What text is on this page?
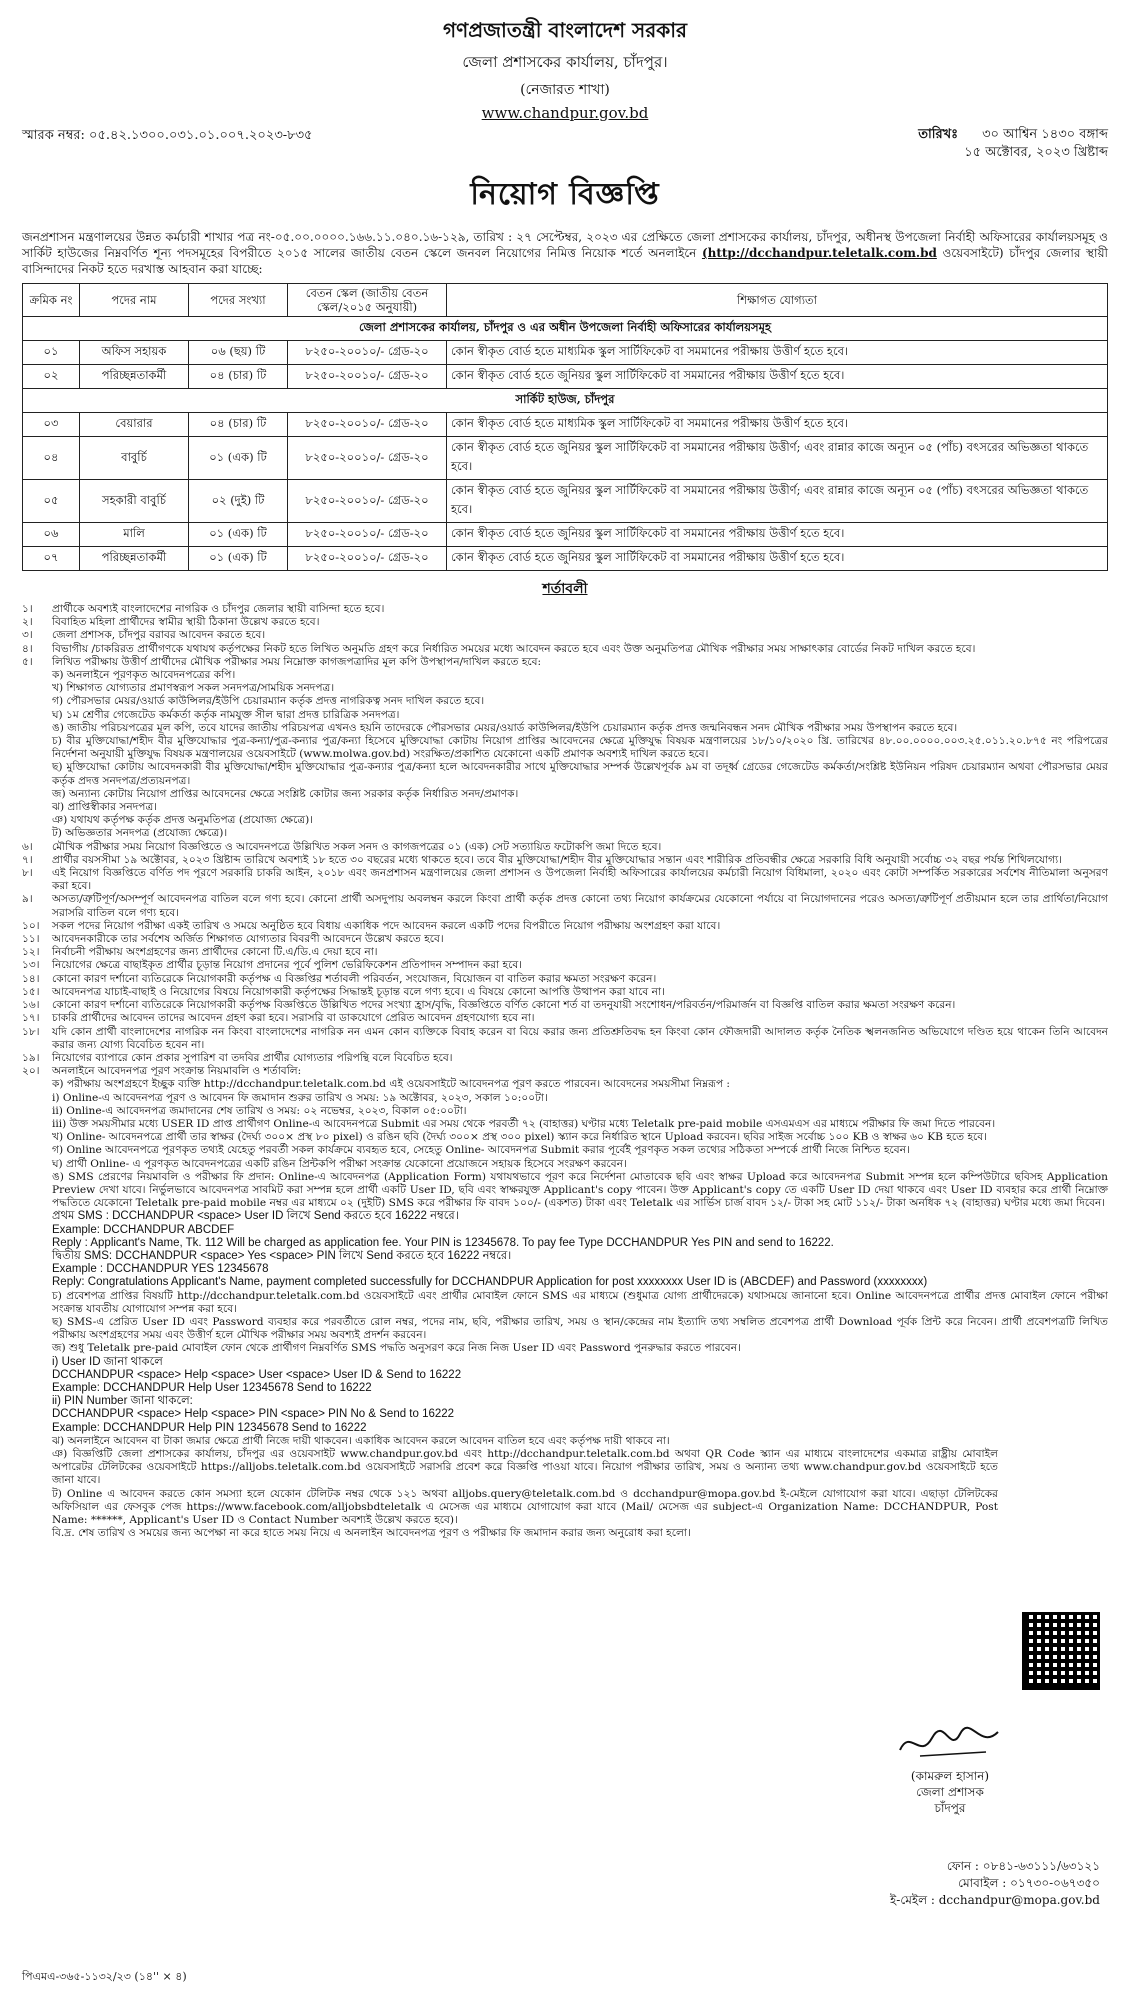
গণপ্রজাতন্ত্রী বাংলাদেশ সরকার
জেলা প্রশাসকের কার্যালয়, চাঁদপুর।
(নেজারত শাখা)
www.chandpur.gov.bd
স্মারক নম্বর: ০৫.৪২.১৩০০.০৩১.০১.০০৭.২০২৩-৮৩৫	তারিখঃ ৩০ আশ্বিন ১৪৩০ বঙ্গাব্দ
১৫ অক্টোবর, ২০২৩ খ্রিষ্টাব্দ
নিয়োগ বিজ্ঞপ্তি
জনপ্রশাসন মন্ত্রণালয়ের উন্নত কর্মচারী শাখার পত্র নং-০৫.০০.০০০০.১৬৬.১১.০৪০.১৬-১২৯, তারিখ : ২৭ সেপ্টেম্বর, ২০২৩ এর প্রেক্ষিতে জেলা প্রশাসকের কার্যালয়, চাঁদপুর, অধীনস্থ উপজেলা নির্বাহী অফিসারের কার্যালয়সমূহ ও সার্কিট হাউজের নিম্নবর্ণিত শূন্য পদসমূহের বিপরীতে ২০১৫ সালের জাতীয় বেতন স্কেলে জনবল নিয়োগের নিমিত্ত নিয়োক শর্তে অনলাইনে (http://dcchandpur.teletalk.com.bd ওয়েবসাইটে) চাঁদপুর জেলার স্থায়ী বাসিন্দাদের নিকট হতে দরখাস্ত আহবান করা যাচ্ছে:
ক্রমিক নং	পদের নাম	পদের সংখ্যা	বেতন স্কেল (জাতীয় বেতন স্কেল/২০১৫ অনুযায়ী)	শিক্ষাগত যোগ্যতা
জেলা প্রশাসকের কার্যালয়, চাঁদপুর ও এর অধীন উপজেলা নির্বাহী অফিসারের কার্যালয়সমূহ				
০১	অফিস সহায়ক	০৬ (ছয়) টি	৮২৫০-২০০১০/- গ্রেড-২০	কোন স্বীকৃত বোর্ড হতে মাধ্যমিক স্কুল সার্টিফিকেট বা সমমানের পরীক্ষায় উত্তীর্ণ হতে হবে।
০২	পরিচ্ছন্নতাকর্মী	০৪ (চার) টি	৮২৫০-২০০১০/- গ্রেড-২০	কোন স্বীকৃত বোর্ড হতে জুনিয়র স্কুল সার্টিফিকেট বা সমমানের পরীক্ষায় উত্তীর্ণ হতে হবে।
সার্কিট হাউজ, চাঁদপুর				
০৩	বেয়ারার	০৪ (চার) টি	৮২৫০-২০০১০/- গ্রেড-২০	কোন স্বীকৃত বোর্ড হতে মাধ্যমিক স্কুল সার্টিফিকেট বা সমমানের পরীক্ষায় উত্তীর্ণ হতে হবে।
০৪	বাবুর্চি	০১ (এক) টি	৮২৫০-২০০১০/- গ্রেড-২০	কোন স্বীকৃত বোর্ড হতে জুনিয়র স্কুল সার্টিফিকেট বা সমমানের পরীক্ষায় উত্তীর্ণ; এবং রান্নার কাজে অন্যূন ০৫ (পাঁচ) বৎসরের অভিজ্ঞতা থাকতে হবে।
০৫	সহকারী বাবুর্চি	০২ (দুই) টি	৮২৫০-২০০১০/- গ্রেড-২০	কোন স্বীকৃত বোর্ড হতে জুনিয়র স্কুল সার্টিফিকেট বা সমমানের পরীক্ষায় উত্তীর্ণ; এবং রান্নার কাজে অন্যূন ০৫ (পাঁচ) বৎসরের অভিজ্ঞতা থাকতে হবে।
০৬	মালি	০১ (এক) টি	৮২৫০-২০০১০/- গ্রেড-২০	কোন স্বীকৃত বোর্ড হতে জুনিয়র স্কুল সার্টিফিকেট বা সমমানের পরীক্ষায় উত্তীর্ণ হতে হবে।
০৭	পরিচ্ছন্নতাকর্মী	০১ (এক) টি	৮২৫০-২০০১০/- গ্রেড-২০	কোন স্বীকৃত বোর্ড হতে জুনিয়র স্কুল সার্টিফিকেট বা সমমানের পরীক্ষায় উত্তীর্ণ হতে হবে।
শর্তাবলী
১।	প্রার্থীকে অবশ্যই বাংলাদেশের নাগরিক ও চাঁদপুর জেলার স্থায়ী বাসিন্দা হতে হবে।
২।	বিবাহিত মহিলা প্রার্থীদের স্বামীর স্থায়ী ঠিকানা উল্লেখ করতে হবে।
৩।	জেলা প্রশাসক, চাঁদপুর বরাবর আবেদন করতে হবে।
৪।	বিভাগীয় /চাকরিরত প্রার্থীগণকে যথাযথ কর্তৃপক্ষের নিকট হতে লিখিত অনুমতি গ্রহণ করে নির্ধারিত সময়ের মধ্যে আবেদন করতে হবে এবং উক্ত অনুমতিপত্র মৌখিক পরীক্ষার সময় সাক্ষাৎকার বোর্ডের নিকট দাখিল করতে হবে।
৫।	লিখিত পরীক্ষায় উত্তীর্ণ প্রার্থীদের মৌখিক পরীক্ষার সময় নিম্নোক্ত কাগজপত্রাদির মূল কপি উপস্থাপন/দাখিল করতে হবে:
ক) অনলাইনে পূরণকৃত আবেদনপত্রের কপি।
খ) শিক্ষাগত যোগ্যতার প্রমাণস্বরূপ সকল সনদপত্র/সাময়িক সনদপত্র।
গ) পৌরসভার মেয়র/ওয়ার্ড কাউন্সিলর/ইউপি চেয়ারম্যান কর্তৃক প্রদত্ত নাগরিকত্ব সনদ দাখিল করতে হবে।
ঘ) ১ম শ্রেণীর গেজেটেড কর্মকর্তা কর্তৃক নামযুক্ত সীল দ্বারা প্রদত্ত চারিত্রিক সনদপত্র।
ঙ) জাতীয় পরিচয়পত্রের মূল কপি, তবে যাদের জাতীয় পরিচয়পত্র এখনও হয়নি তাদেরকে পৌরসভার মেয়র/ওয়ার্ড কাউন্সিলর/ইউপি চেয়ারম্যান কর্তৃক প্রদত্ত জন্মনিবন্ধন সনদ মৌখিক পরীক্ষার সময় উপস্থাপন করতে হবে।
চ) বীর মুক্তিযোদ্ধা/শহীদ বীর মুক্তিযোদ্ধার পুত্র-কন্যা/পুত্র-কন্যার পুত্র/কন্যা হিসেবে মুক্তিযোদ্ধা কোটায় নিয়োগ প্রাপ্তির আবেদনের ক্ষেত্রে মুক্তিযুদ্ধ বিষয়ক মন্ত্রণালয়ের ১৮/১০/২০২০ খ্রি. তারিখের ৪৮.০০.০০০০.০০৩.২৫.০১১.২০.৮৭৫ নং পরিপত্রের নির্দেশনা অনুযায়ী মুক্তিযুদ্ধ বিষয়ক মন্ত্রণালয়ের ওয়েবসাইটে (www.molwa.gov.bd) সংরক্ষিত/প্রকাশিত যেকোনো একটি প্রমাণক অবশ্যই দাখিল করতে হবে।
ছ) মুক্তিযোদ্ধা কোটায় আবেদনকারী বীর মুক্তিযোদ্ধা/শহীদ মুক্তিযোদ্ধার পুত্র-কন্যার পুত্র/কন্যা হলে আবেদনকারীর সাথে মুক্তিযোদ্ধার সম্পর্ক উল্লেখপূর্বক ৯ম বা তদূর্ধ্ব গ্রেডের গেজেটেড কর্মকর্তা/সংশ্লিষ্ট ইউনিয়ন পরিষদ চেয়ারম্যান অথবা পৌরসভার মেয়র কর্তৃক প্রদত্ত সনদপত্র/প্রত্যয়নপত্র।
জ) অন্যান্য কোটায় নিয়োগ প্রাপ্তির আবেদনের ক্ষেত্রে সংশ্লিষ্ট কোটার জন্য সরকার কর্তৃক নির্ধারিত সনদ/প্রমাণক।
ঝ) প্রাপ্তিস্বীকার সনদপত্র।
ঞ) যথাযথ কর্তৃপক্ষ কর্তৃক প্রদত্ত অনুমতিপত্র (প্রযোজ্য ক্ষেত্রে)।
ট) অভিজ্ঞতার সনদপত্র (প্রযোজ্য ক্ষেত্রে)।
৬।	মৌখিক পরীক্ষার সময় নিয়োগ বিজ্ঞপ্তিতে ও আবেদনপত্রে উল্লিখিত সকল সনদ ও কাগজপত্রের ০১ (এক) সেট সত্যায়িত ফটোকপি জমা দিতে হবে।
৭।	প্রার্থীর বয়সসীমা ১৯ অক্টোবর, ২০২৩ খ্রিষ্টাব্দ তারিখে অবশ্যই ১৮ হতে ৩০ বছরের মধ্যে থাকতে হবে। তবে বীর মুক্তিযোদ্ধা/শহীদ বীর মুক্তিযোদ্ধার সন্তান এবং শারীরিক প্রতিবন্ধীর ক্ষেত্রে সরকারি বিধি অনুযায়ী সর্বোচ্চ ৩২ বছর পর্যন্ত শিথিলযোগ্য।
৮।	এই নিয়োগ বিজ্ঞপ্তিতে বর্ণিত পদ পূরণে সরকারি চাকরি আইন, ২০১৮ এবং জনপ্রশাসন মন্ত্রণালয়ের জেলা প্রশাসন ও উপজেলা নির্বাহী অফিসারের কার্যালয়ের কর্মচারী নিয়োগ বিধিমালা, ২০২০ এবং কোটা সম্পর্কিত সরকারের সর্বশেষ নীতিমালা অনুসরণ করা হবে।
৯।	অসত্য/ত্রুটিপূর্ণ/অসম্পূর্ণ আবেদনপত্র বাতিল বলে গণ্য হবে। কোনো প্রার্থী অসদুপায় অবলম্বন করলে কিংবা প্রার্থী কর্তৃক প্রদত্ত কোনো তথ্য নিয়োগ কার্যক্রমের যেকোনো পর্যায়ে বা নিয়োগদানের পরেও অসত্য/ত্রুটিপূর্ণ প্রতীয়মান হলে তার প্রার্থিতা/নিয়োগ সরাসরি বাতিল বলে গণ্য হবে।
১০।	সকল পদের নিয়োগ পরীক্ষা একই তারিখ ও সময়ে অনুষ্ঠিত হবে বিধায় একাধিক পদে আবেদন করলে একটি পদের বিপরীতে নিয়োগ পরীক্ষায় অংশগ্রহণ করা যাবে।
১১।	আবেদনকারীকে তার সর্বশেষ অর্জিত শিক্ষাগত যোগ্যতার বিবরণী আবেদনে উল্লেখ করতে হবে।
১২।	নির্বাচনী পরীক্ষায় অংশগ্রহণের জন্য প্রার্থীদের কোনো টি.এ/ডি.এ দেয়া হবে না।
১৩।	নিয়োগের ক্ষেত্রে বাছাইকৃত প্রার্থীর চূড়ান্ত নিয়োগ প্রদানের পূর্বে পুলিশ ভেরিফিকেশন প্রতিপাদন সম্পাদন করা হবে।
১৪।	কোনো কারণ দর্শানো ব্যতিরেকে নিয়োগকারী কর্তৃপক্ষ এ বিজ্ঞপ্তির শর্তাবলী পরিবর্তন, সংযোজন, বিয়োজন বা বাতিল করার ক্ষমতা সংরক্ষণ করেন।
১৫।	আবেদনপত্র যাচাই-বাছাই ও নিয়োগের বিষয়ে নিয়োগকারী কর্তৃপক্ষের সিদ্ধান্তই চূড়ান্ত বলে গণ্য হবে। এ বিষয়ে কোনো আপত্তি উত্থাপন করা যাবে না।
১৬।	কোনো কারণ দর্শানো ব্যতিরেকে নিয়োগকারী কর্তৃপক্ষ বিজ্ঞপ্তিতে উল্লিখিত পদের সংখ্যা হ্রাস/বৃদ্ধি, বিজ্ঞপ্তিতে বর্ণিত কোনো শর্ত বা তদনুযায়ী সংশোধন/পরিবর্তন/পরিমার্জন বা বিজ্ঞপ্তি বাতিল করার ক্ষমতা সংরক্ষণ করেন।
১৭।	চাকরি প্রার্থীদের আবেদন তাদের আবেদন গ্রহণ করা হবে। সরাসরি বা ডাকযোগে প্রেরিত আবেদন গ্রহণযোগ্য হবে না।
১৮।	যদি কোন প্রার্থী বাংলাদেশের নাগরিক নন কিংবা বাংলাদেশের নাগরিক নন এমন কোন ব্যক্তিকে বিবাহ করেন বা বিয়ে করার জন্য প্রতিশ্রুতিবদ্ধ হন কিংবা কোন ফৌজদারী আদালত কর্তৃক নৈতিক স্খলনজনিত অভিযোগে দণ্ডিত হয়ে থাকেন তিনি আবেদন করার জন্য যোগ্য বিবেচিত হবেন না।
১৯।	নিয়োগের ব্যাপারে কোন প্রকার সুপারিশ বা তদবির প্রার্থীর যোগ্যতার পরিপন্থি বলে বিবেচিত হবে।
২০।	অনলাইনে আবেদনপত্র পূরণ সংক্রান্ত নিয়মাবলি ও শর্তাবলি:
ক) পরীক্ষায় অংশগ্রহণে ইচ্ছুক ব্যক্তি http://dcchandpur.teletalk.com.bd এই ওয়েবসাইটে আবেদনপত্র পূরণ করতে পারবেন। আবেদনের সময়সীমা নিম্নরূপ :
i) Online-এ আবেদনপত্র পূরণ ও আবেদন ফি জমাদান শুরুর তারিখ ও সময়: ১৯ অক্টোবর, ২০২৩, সকাল ১০:০০টা।
ii) Online-এ আবেদনপত্র জমাদানের শেষ তারিখ ও সময়: ০২ নভেম্বর, ২০২৩, বিকাল ০৫:০০টা।
iii) উক্ত সময়সীমার মধ্যে USER ID প্রাপ্ত প্রার্থীগণ Online-এ আবেদনপত্রে Submit এর সময় থেকে পরবর্তী ৭২ (বাহাত্তর) ঘণ্টার মধ্যে Teletalk pre-paid mobile এসএমএস এর মাধ্যমে পরীক্ষার ফি জমা দিতে পারবেন।
খ) Online- আবেদনপত্রে প্রার্থী তার স্বাক্ষর (দৈর্ঘ্য ৩০০× প্রস্থ ৮০ pixel) ও রঙিন ছবি (দৈর্ঘ্য ৩০০× প্রস্থ ৩০০ pixel) স্ক্যান করে নির্ধারিত স্থানে Upload করবেন। ছবির সাইজ সর্বোচ্চ ১০০ KB ও স্বাক্ষর ৬০ KB হতে হবে।
গ) Online আবেদনপত্রে পূরণকৃত তথ্যই যেহেতু পরবর্তী সকল কার্যক্রমে ব্যবহৃত হবে, সেহেতু Online- আবেদনপত্র Submit করার পূর্বেই পূরণকৃত সকল তথ্যের সঠিকতা সম্পর্কে প্রার্থী নিজে নিশ্চিত হবেন।
ঘ) প্রার্থী Online- এ পূরণকৃত আবেদনপত্রের একটি রঙিন প্রিন্টকপি পরীক্ষা সংক্রান্ত যেকোনো প্রয়োজনে সহায়ক হিসেবে সংরক্ষণ করবেন।
ঙ) SMS প্রেরণের নিয়মাবলি ও পরীক্ষার ফি প্রদান: Online-এ আবেদনপত্র (Application Form) যথাযথভাবে পূরণ করে নির্দেশনা মোতাবেক ছবি এবং স্বাক্ষর Upload করে আবেদনপত্র Submit সম্পন্ন হলে কম্পিউটারে ছবিসহ Application Preview দেখা যাবে। নির্ভুলভাবে আবেদনপত্র সাবমিট করা সম্পন্ন হলে প্রার্থী একটি User ID, ছবি এবং স্বাক্ষরযুক্ত Applicant's copy পাবেন। উক্ত Applicant's copy তে একটি User ID দেয়া থাকবে এবং User ID ব্যবহার করে প্রার্থী নিম্নোক্ত পদ্ধতিতে যেকোনো Teletalk pre-paid mobile নম্বর এর মাধ্যমে ০২ (দুইটি) SMS করে পরীক্ষার ফি বাবদ ১০০/- (একশত) টাকা এবং Teletalk এর সার্ভিস চার্জ বাবদ ১২/- টাকা সহ মোট ১১২/- টাকা অনধিক ৭২ (বাহাত্তর) ঘণ্টার মধ্যে জমা দিবেন।
প্রথম SMS : DCCHANDPUR <space> User ID লিখে Send করতে হবে 16222 নম্বরে।
Example: DCCHANDPUR ABCDEF
Reply : Applicant's Name, Tk. 112 Will be charged as application fee. Your PIN is 12345678. To pay fee Type DCCHANDPUR Yes PIN and send to 16222.
দ্বিতীয় SMS: DCCHANDPUR <space> Yes <space> PIN লিখে Send করতে হবে 16222 নম্বরে।
Example : DCCHANDPUR YES 12345678
Reply: Congratulations Applicant's Name, payment completed successfully for DCCHANDPUR Application for post xxxxxxxx User ID is (ABCDEF) and Password (xxxxxxxx)
চ) প্রবেশপত্র প্রাপ্তির বিষয়টি http://dcchandpur.teletalk.com.bd ওয়েবসাইটে এবং প্রার্থীর মোবাইল ফোনে SMS এর মাধ্যমে (শুধুমাত্র যোগ্য প্রার্থীদেরকে) যথাসময়ে জানানো হবে। Online আবেদনপত্রে প্রার্থীর প্রদত্ত মোবাইল ফোনে পরীক্ষা সংক্রান্ত যাবতীয় যোগাযোগ সম্পন্ন করা হবে।
ছ) SMS-এ প্রেরিত User ID এবং Password ব্যবহার করে পরবর্তীতে রোল নম্বর, পদের নাম, ছবি, পরীক্ষার তারিখ, সময় ও স্থান/কেন্দ্রের নাম ইত্যাদি তথ্য সম্বলিত প্রবেশপত্র প্রার্থী Download পূর্বক প্রিন্ট করে নিবেন। প্রার্থী প্রবেশপত্রটি লিখিত পরীক্ষায় অংশগ্রহণের সময় এবং উত্তীর্ণ হলে মৌখিক পরীক্ষার সময় অবশ্যই প্রদর্শন করবেন।
জ) শুধু Teletalk pre-paid মোবাইল ফোন থেকে প্রার্থীগণ নিম্নবর্ণিত SMS পদ্ধতি অনুসরণ করে নিজ নিজ User ID এবং Password পুনরুদ্ধার করতে পারবেন।
i) User ID জানা থাকলে
DCCHANDPUR <space> Help <space> User <space> User ID & Send to 16222
Example: DCCHANDPUR Help User 12345678 Send to 16222
ii) PIN Number জানা থাকলে:
DCCHANDPUR <space> Help <space> PIN <space> PIN No & Send to 16222
Example: DCCHANDPUR Help PIN 12345678 Send to 16222
ঝ) অনলাইনে আবেদন বা টাকা জমার ক্ষেত্রে প্রার্থী নিজে দায়ী থাকবেন। একাধিক আবেদন করলে আবেদন বাতিল হবে এবং কর্তৃপক্ষ দায়ী থাকবে না।
ঞ) বিজ্ঞপ্তিটি জেলা প্রশাসকের কার্যালয়, চাঁদপুর এর ওয়েবসাইট www.chandpur.gov.bd এবং http://dcchandpur.teletalk.com.bd অথবা QR Code স্ক্যান এর মাধ্যমে বাংলাদেশের একমাত্র রাষ্ট্রীয় মোবাইল অপারেটর টেলিটকের ওয়েবসাইটে https://alljobs.teletalk.com.bd ওয়েবসাইটে সরাসরি প্রবেশ করে বিজ্ঞপ্তি পাওয়া যাবে। নিয়োগ পরীক্ষার তারিখ, সময় ও অন্যান্য তথ্য www.chandpur.gov.bd ওয়েবসাইটে হতে জানা যাবে।
ট) Online এ আবেদন করতে কোন সমস্যা হলে যেকোন টেলিটক নম্বর থেকে ১২১ অথবা alljobs.query@teletalk.com.bd ও dcchandpur@mopa.gov.bd ই-মেইলে যোগাযোগ করা যাবে। এছাড়া টেলিটকের অফিসিয়াল এর ফেসবুক পেজ https://www.facebook.com/alljobsbdteletalk এ মেসেজ এর মাধ্যমে যোগাযোগ করা যাবে (Mail/ মেসেজ এর subject-এ Organization Name: DCCHANDPUR, Post Name: ******, Applicant's User ID ও Contact Number অবশ্যই উল্লেখ করতে হবে)।
বি.দ্র. শেষ তারিখ ও সময়ের জন্য অপেক্ষা না করে হাতে সময় নিয়ে এ অনলাইন আবেদনপত্র পূরণ ও পরীক্ষার ফি জমাদান করার জন্য অনুরোধ করা হলো।
(কামরুল হাসান)
জেলা প্রশাসক
চাঁদপুর
ফোন : ০৮৪১-৬৩১১১/৬৩১২১
মোবাইল : ০১৭৩০-০৬৭৩৫০
ই-মেইল : dcchandpur@mopa.gov.bd
পিএমএ-৩৬৫-১১৩২/২৩ (১৪'' × ৪)
